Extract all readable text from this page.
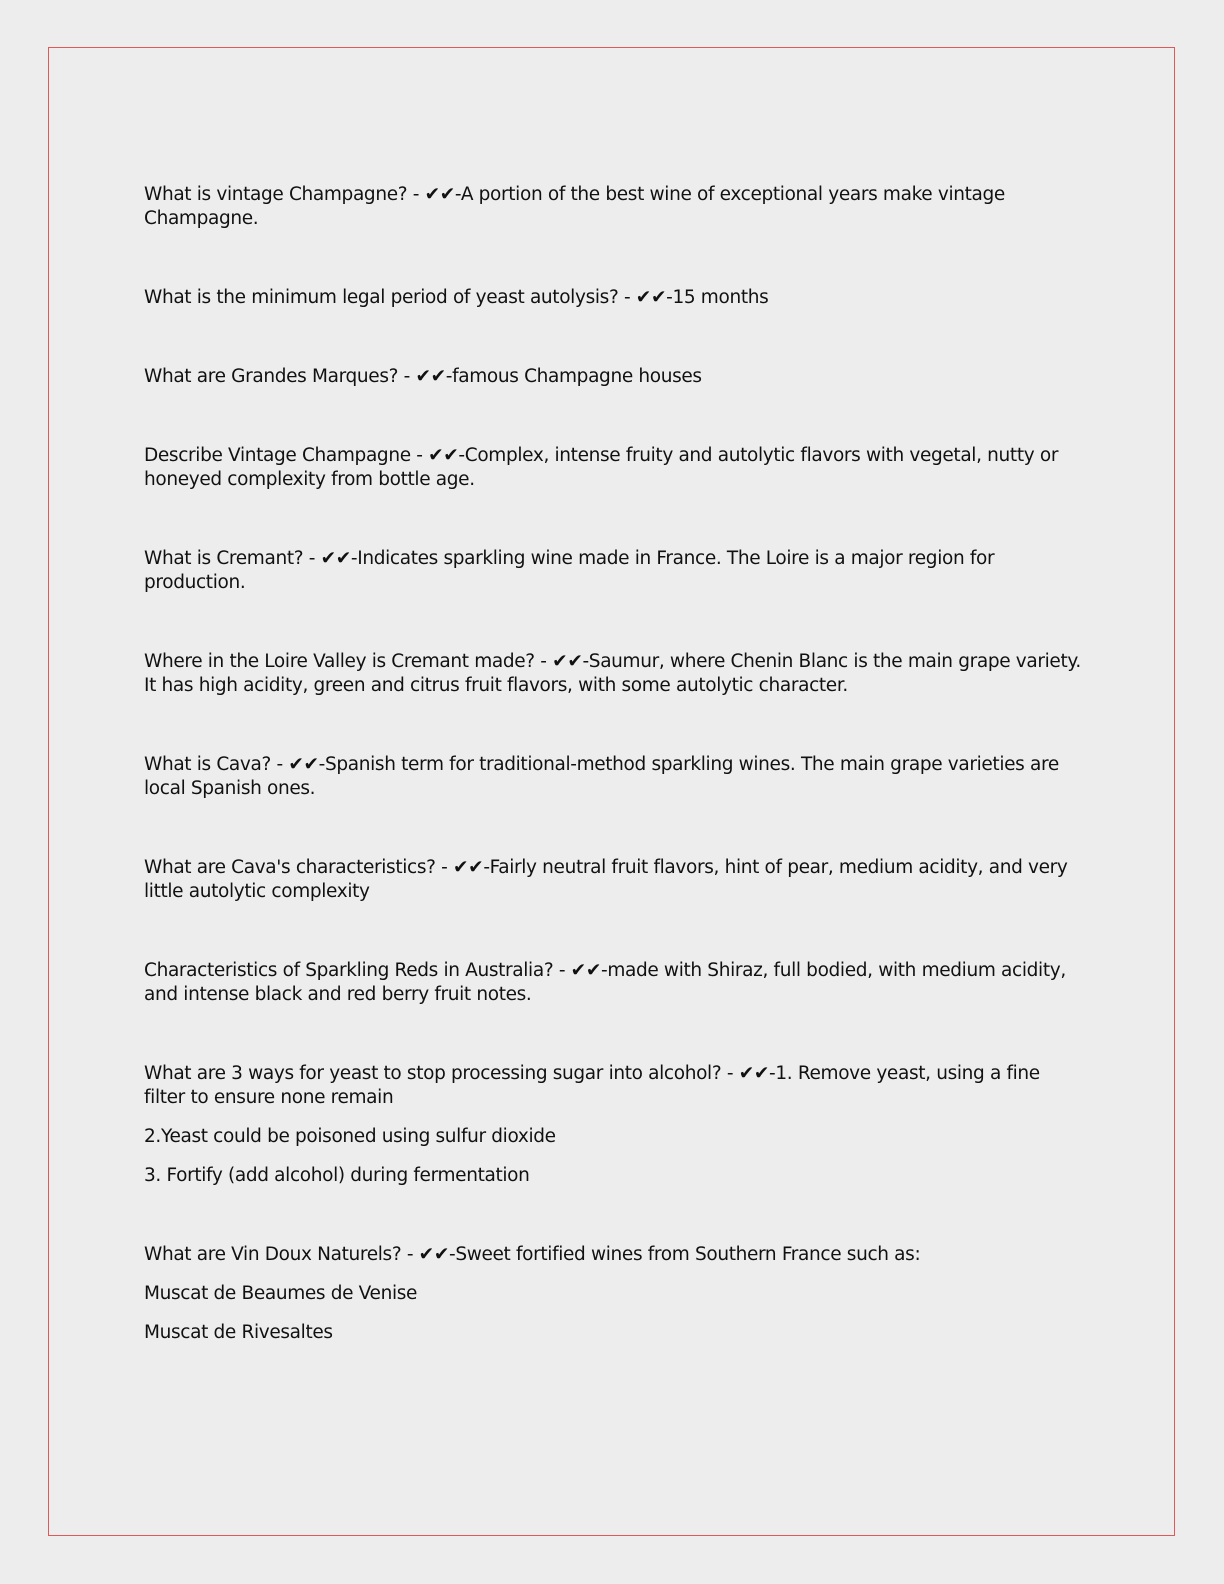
What is vintage Champagne? - ✔✔-A portion of the best wine of exceptional years make vintage Champagne.

What is the minimum legal period of yeast autolysis? - ✔✔-15 months

What are Grandes Marques? - ✔✔-famous Champagne houses

Describe Vintage Champagne - ✔✔-Complex, intense fruity and autolytic flavors with vegetal, nutty or honeyed complexity from bottle age.

What is Cremant? - ✔✔-Indicates sparkling wine made in France. The Loire is a major region for production.

Where in the Loire Valley is Cremant made? - ✔✔-Saumur, where Chenin Blanc is the main grape variety. It has high acidity, green and citrus fruit flavors, with some autolytic character.

What is Cava? - ✔✔-Spanish term for traditional-method sparkling wines. The main grape varieties are local Spanish ones.

What are Cava's characteristics? - ✔✔-Fairly neutral fruit flavors, hint of pear, medium acidity, and very little autolytic complexity

Characteristics of Sparkling Reds in Australia? - ✔✔-made with Shiraz, full bodied, with medium acidity, and intense black and red berry fruit notes.

What are 3 ways for yeast to stop processing sugar into alcohol? - ✔✔-1. Remove yeast, using a fine filter to ensure none remain

2.Yeast could be poisoned using sulfur dioxide

3. Fortify (add alcohol) during fermentation

What are Vin Doux Naturels? - ✔✔-Sweet fortified wines from Southern France such as:

Muscat de Beaumes de Venise

Muscat de Rivesaltes
